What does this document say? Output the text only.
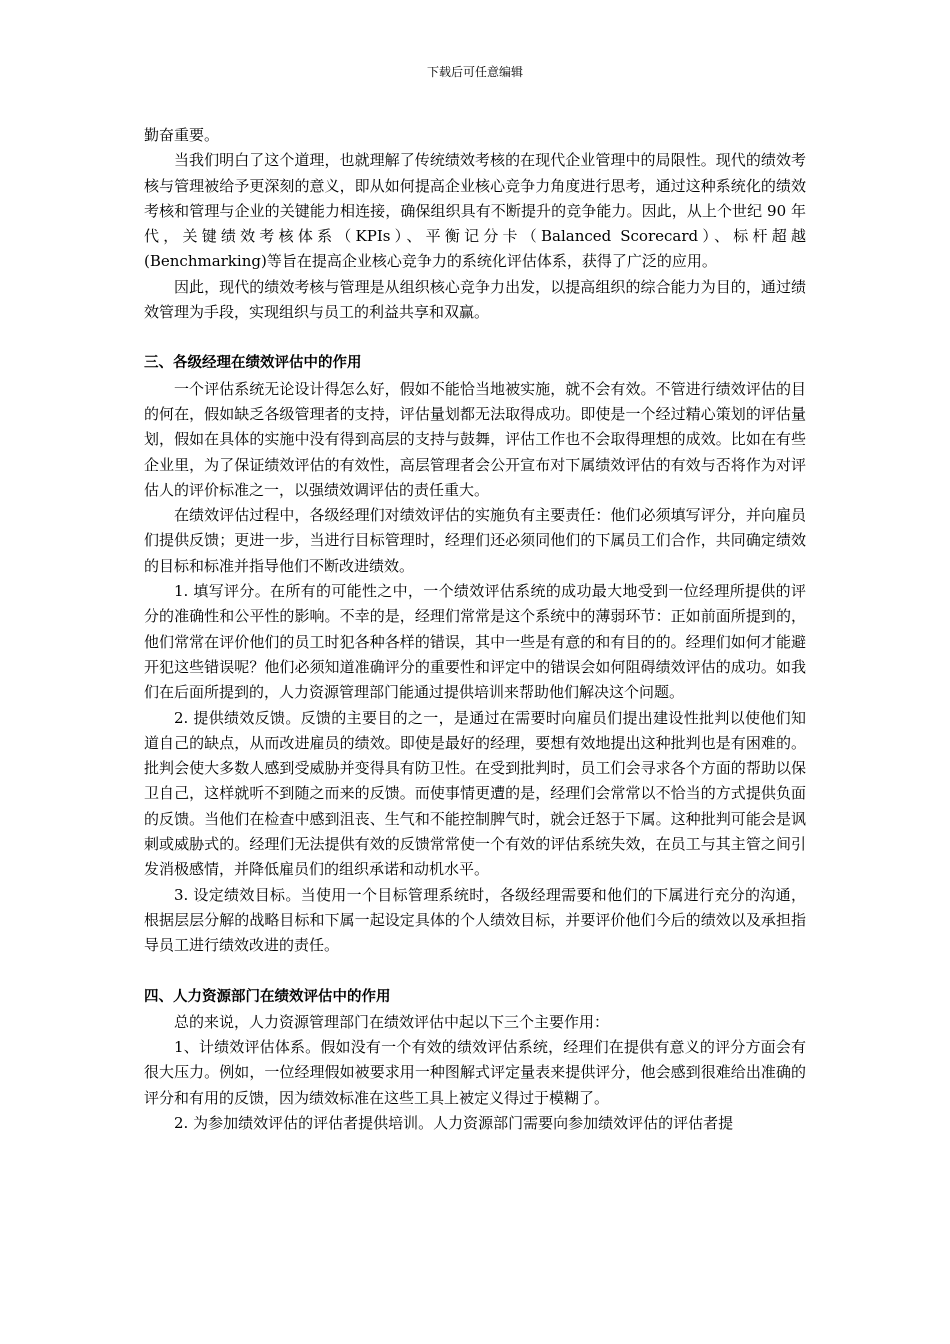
下载后可任意编辑

勤奋重要。

当我们明白了这个道理，也就理解了传统绩效考核的在现代企业管理中的局限性。现代的绩效考核与管理被给予更深刻的意义，即从如何提高企业核心竞争力角度进行思考，通过这种系统化的绩效考核和管理与企业的关键能力相连接，确保组织具有不断提升的竞争能力。因此，从上个世纪 90 年代，关键绩效考核体系（KPIs）、平衡记分卡（Balanced Scorecard）、标杆超越 (Benchmarking)等旨在提高企业核心竞争力的系统化评估体系，获得了广泛的应用。

因此，现代的绩效考核与管理是从组织核心竞争力出发，以提高组织的综合能力为目的，通过绩效管理为手段，实现组织与员工的利益共享和双赢。

三、各级经理在绩效评估中的作用

一个评估系统无论设计得怎么好，假如不能恰当地被实施，就不会有效。不管进行绩效评估的目的何在，假如缺乏各级管理者的支持，评估量划都无法取得成功。即使是一个经过精心策划的评估量划，假如在具体的实施中没有得到高层的支持与鼓舞，评估工作也不会取得理想的成效。比如在有些企业里，为了保证绩效评估的有效性，高层管理者会公开宣布对下属绩效评估的有效与否将作为对评估人的评价标准之一，以强绩效调评估的责任重大。

在绩效评估过程中，各级经理们对绩效评估的实施负有主要责任：他们必须填写评分，并向雇员们提供反馈；更进一步，当进行目标管理时，经理们还必须同他们的下属员工们合作，共同确定绩效的目标和标准并指导他们不断改进绩效。

1. 填写评分。在所有的可能性之中，一个绩效评估系统的成功最大地受到一位经理所提供的评分的准确性和公平性的影响。不幸的是，经理们常常是这个系统中的薄弱环节：正如前面所提到的，他们常常在评价他们的员工时犯各种各样的错误，其中一些是有意的和有目的的。经理们如何才能避开犯这些错误呢？他们必须知道准确评分的重要性和评定中的错误会如何阻碍绩效评估的成功。如我们在后面所提到的，人力资源管理部门能通过提供培训来帮助他们解决这个问题。

2. 提供绩效反馈。反馈的主要目的之一，是通过在需要时向雇员们提出建设性批判以使他们知道自己的缺点，从而改进雇员的绩效。即使是最好的经理，要想有效地提出这种批判也是有困难的。批判会使大多数人感到受威胁并变得具有防卫性。在受到批判时，员工们会寻求各个方面的帮助以保卫自己，这样就听不到随之而来的反馈。而使事情更遭的是，经理们会常常以不恰当的方式提供负面的反馈。当他们在检查中感到沮丧、生气和不能控制脾气时，就会迁怒于下属。这种批判可能会是讽刺或威胁式的。经理们无法提供有效的反馈常常使一个有效的评估系统失效，在员工与其主管之间引发消极感情，并降低雇员们的组织承诺和动机水平。

3. 设定绩效目标。当使用一个目标管理系统时，各级经理需要和他们的下属进行充分的沟通，根据层层分解的战略目标和下属一起设定具体的个人绩效目标，并要评价他们今后的绩效以及承担指导员工进行绩效改进的责任。

四、人力资源部门在绩效评估中的作用

总的来说，人力资源管理部门在绩效评估中起以下三个主要作用：

1、计绩效评估体系。假如没有一个有效的绩效评估系统，经理们在提供有意义的评分方面会有很大压力。例如，一位经理假如被要求用一种图解式评定量表来提供评分，他会感到很难给出准确的评分和有用的反馈，因为绩效标准在这些工具上被定义得过于模糊了。

2. 为参加绩效评估的评估者提供培训。人力资源部门需要向参加绩效评估的评估者提
